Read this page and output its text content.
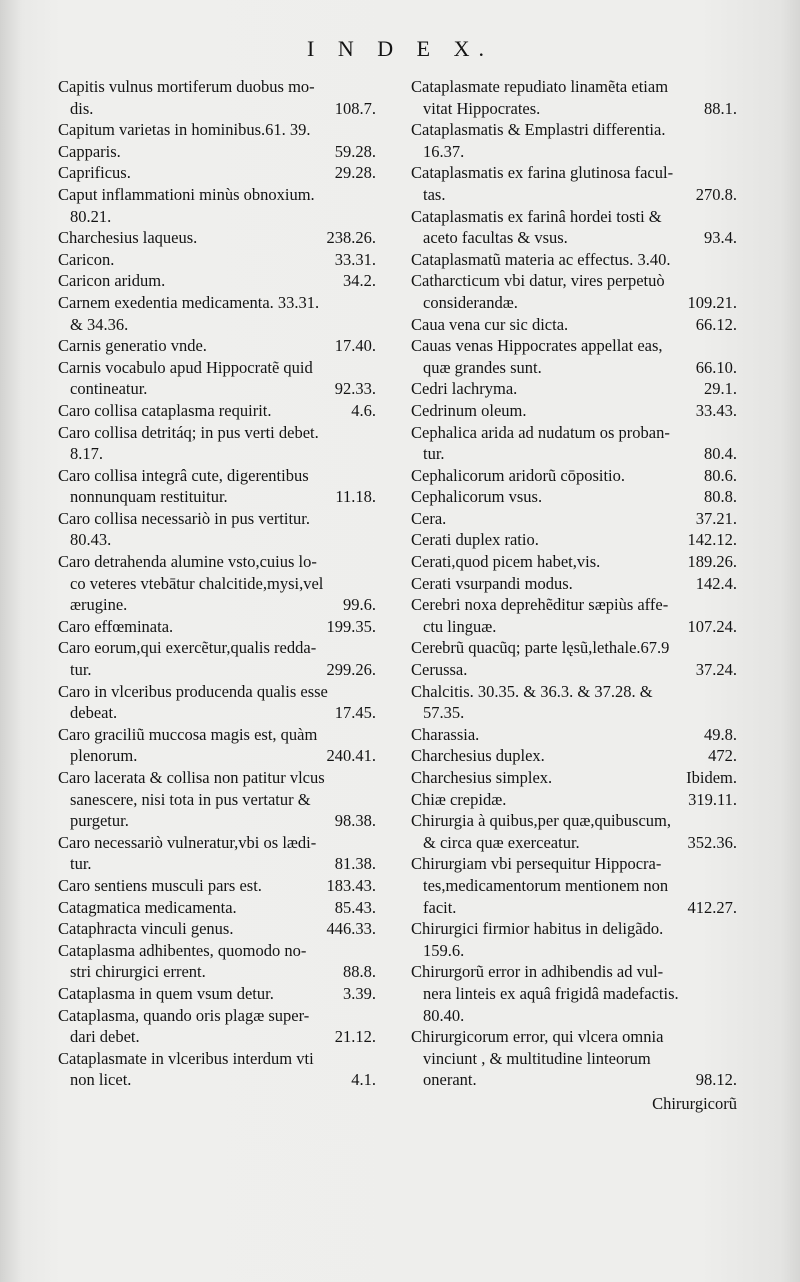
I N D E X.
Capitis vulnus mortiferum duobus mo-
dis.	108.7.
Capitum varietas in hominibus.61. 39.
Capparis.	59.28.
Caprificus.	29.28.
Caput inflammationi minùs obnoxium.
80.21.
Charchesius laqueus.	238.26.
Caricon.	33.31.
Caricon aridum.	34.2.
Carnem exedentia medicamenta. 33.31.
& 34.36.
Carnis generatio vnde.	17.40.
Carnis vocabulo apud Hippocratẽ quid
contineatur.	92.33.
Caro collisa cataplasma requirit.	4.6.
Caro collisa detritáq; in pus verti debet.
8.17.
Caro collisa integrâ cute, digerentibus
nonnunquam restituitur.	11.18.
Caro collisa necessariò in pus vertitur.
80.43.
Caro detrahenda alumine vsto,cuius lo-
co veteres vtebātur chalcitide,mysi,vel
ærugine.	99.6.
Caro effœminata.	199.35.
Caro eorum,qui exercẽtur,qualis redda-
tur.	299.26.
Caro in vlceribus producenda qualis esse
debeat.	17.45.
Caro graciliũ muccosa magis est, quàm
plenorum.	240.41.
Caro lacerata & collisa non patitur vlcus
sanescere, nisi tota in pus vertatur &
purgetur.	98.38.
Caro necessariò vulneratur,vbi os lædi-
tur.	81.38.
Caro sentiens musculi pars est.	183.43.
Catagmatica medicamenta.	85.43.
Cataphracta vinculi genus.	446.33.
Cataplasma adhibentes, quomodo no-
stri chirurgici errent.	88.8.
Cataplasma in quem vsum detur.	3.39.
Cataplasma, quando oris plagæ super-
dari debet.	21.12.
Cataplasmate in vlceribus interdum vti
non licet.	4.1.
Cataplasmate repudiato linamẽta etiam
vitat Hippocrates.	88.1.
Cataplasmatis & Emplastri differentia.
16.37.
Cataplasmatis ex farina glutinosa facul-
tas.	270.8.
Cataplasmatis ex farinâ hordei tosti &
aceto facultas & vsus.	93.4.
Cataplasmatũ materia ac effectus. 3.40.
Catharcticum vbi datur, vires perpetuò
considerandæ.	109.21.
Caua vena cur sic dicta.	66.12.
Cauas venas Hippocrates appellat eas,
quæ grandes sunt.	66.10.
Cedri lachryma.	29.1.
Cedrinum oleum.	33.43.
Cephalica arida ad nudatum os proban-
tur.	80.4.
Cephalicorum aridorũ cōpositio.	80.6.
Cephalicorum vsus.	80.8.
Cera.	37.21.
Cerati duplex ratio.	142.12.
Cerati,quod picem habet,vis.	189.26.
Cerati vsurpandi modus.	142.4.
Cerebri noxa deprehẽditur sæpiùs affe-
ctu linguæ.	107.24.
Cerebrũ quacũq; parte lęsũ,lethale.67.9
Cerussa.	37.24.
Chalcitis. 30.35. & 36.3. & 37.28. &
57.35.
Charassia.	49.8.
Charchesius duplex.	472.
Charchesius simplex.	Ibidem.
Chiæ crepidæ.	319.11.
Chirurgia à quibus,per quæ,quibuscum,
& circa quæ exerceatur.	352.36.
Chirurgiam vbi persequitur Hippocra-
tes,medicamentorum mentionem non
facit.	412.27.
Chirurgici firmior habitus in deligãdo.
159.6.
Chirurgorũ error in adhibendis ad vul-
nera linteis ex aquâ frigidâ madefactis.
80.40.
Chirurgicorum error, qui vlcera omnia
vinciunt , & multitudine linteorum
onerant.	98.12.
Chirurgicorũ
